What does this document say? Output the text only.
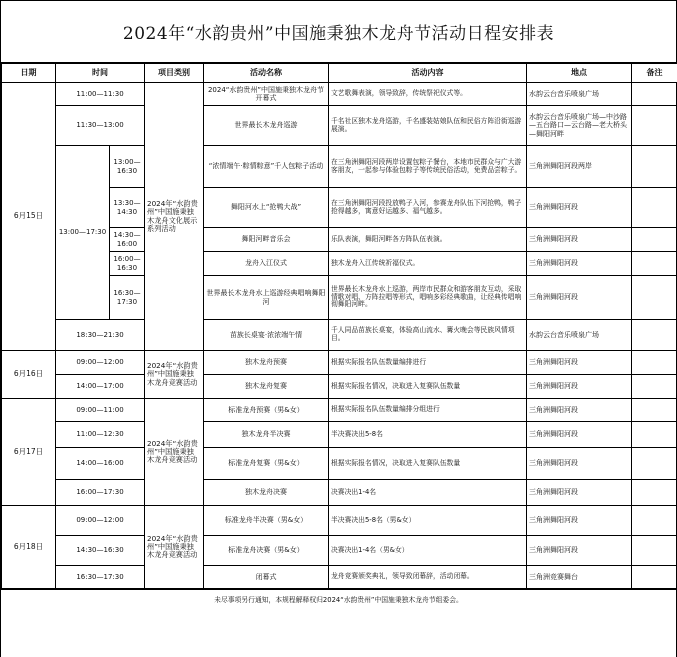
2024年“水韵贵州”中国施秉独木龙舟节活动日程安排表
日期	时间		项目类别	活动名称	活动内容	地点	备注
6月15日	11:00—11:30		2024年“水韵贵州”中国施秉独木龙舟文化展示系列活动	2024“水韵贵州”中国施秉独木龙舟节开幕式	文艺歌舞表演，领导致辞，传统祭祀仪式等。	水韵云台音乐喷泉广场	
	11:30—13:00			世界最长木龙舟巡游	千名社区独木龙舟巡游，千名盛装姑娘队伍和民俗方阵沿街巡游展演。	水韵云台音乐喷泉广场—中沙路—五台路口—云台路—老大桥头—舞阳河畔	
	13:00—17:30	13:00—16:30		“浓情端午·粽情粽意”千人包粽子活动	在三角洲舞阳河段两岸设置包粽子餐台，本地市民群众与广大游客朋友，一起参与体验包粽子等传统民俗活动，免费品尝粽子。	三角洲舞阳河段两岸	
		13:30—14:30		舞阳河水上“抢鸭大战”	在三角洲舞阳河段投放鸭子入河，参赛龙舟队伍下河抢鸭，鸭子抢得越多，寓意好运越多、福气越多。	三角洲舞阳河段	
		14:30—16:00		舞阳河畔音乐会	乐队表演，舞阳河畔各方阵队伍表演。	三角洲舞阳河段	
		16:00—16:30		龙舟入江仪式	独木龙舟入江传统祈福仪式。	三角洲舞阳河段	
		16:30—17:30		世界最长木龙舟水上巡游经典唱响舞阳河	世界最长木龙舟水上巡游，两岸市民群众和游客朋友互动，采取情歌对唱、方阵拉唱等形式，唱响多彩经典歌曲，让经典传唱响彻舞阳河畔。	三角洲舞阳河段	
	18:30—21:30			苗族长桌宴·浓浓端午情	千人同品苗族长桌宴，体验高山流水、篝火晚会等民族风情项目。	水韵云台音乐喷泉广场	
6月16日	09:00—12:00		2024年“水韵贵州”中国施秉独木龙舟竞赛活动	独木龙舟预赛	根据实际报名队伍数量编排进行	三角洲舞阳河段	
	14:00—17:00			独木龙舟复赛	根据实际报名情况，决取进入复赛队伍数量	三角洲舞阳河段	
6月17日	09:00—11:00		2024年“水韵贵州”中国施秉独木龙舟竞赛活动	标准龙舟预赛（男&女）	根据实际报名队伍数量编排分组进行	三角洲舞阳河段	
	11:00—12:30			独木龙舟半决赛	半决赛决出5-8名	三角洲舞阳河段	
	14:00—16:00			标准龙舟复赛（男&女）	根据实际报名情况，决取进入复赛队伍数量	三角洲舞阳河段	
	16:00—17:30			独木龙舟决赛	决赛决出1-4名	三角洲舞阳河段	
6月18日	09:00—12:00		2024年“水韵贵州”中国施秉独木龙舟竞赛活动	标准龙舟半决赛（男&女）	半决赛决出5-8名（男&女）	三角洲舞阳河段	
	14:30—16:30			标准龙舟决赛（男&女）	决赛决出1-4名（男&女）	三角洲舞阳河段	
	16:30—17:30			闭幕式	龙舟竞赛颁奖典礼，领导致闭幕辞，活动闭幕。	三角洲竞赛舞台	
未尽事项另行通知，本规程解释权归2024“水韵贵州”中国施秉独木龙舟节组委会。
